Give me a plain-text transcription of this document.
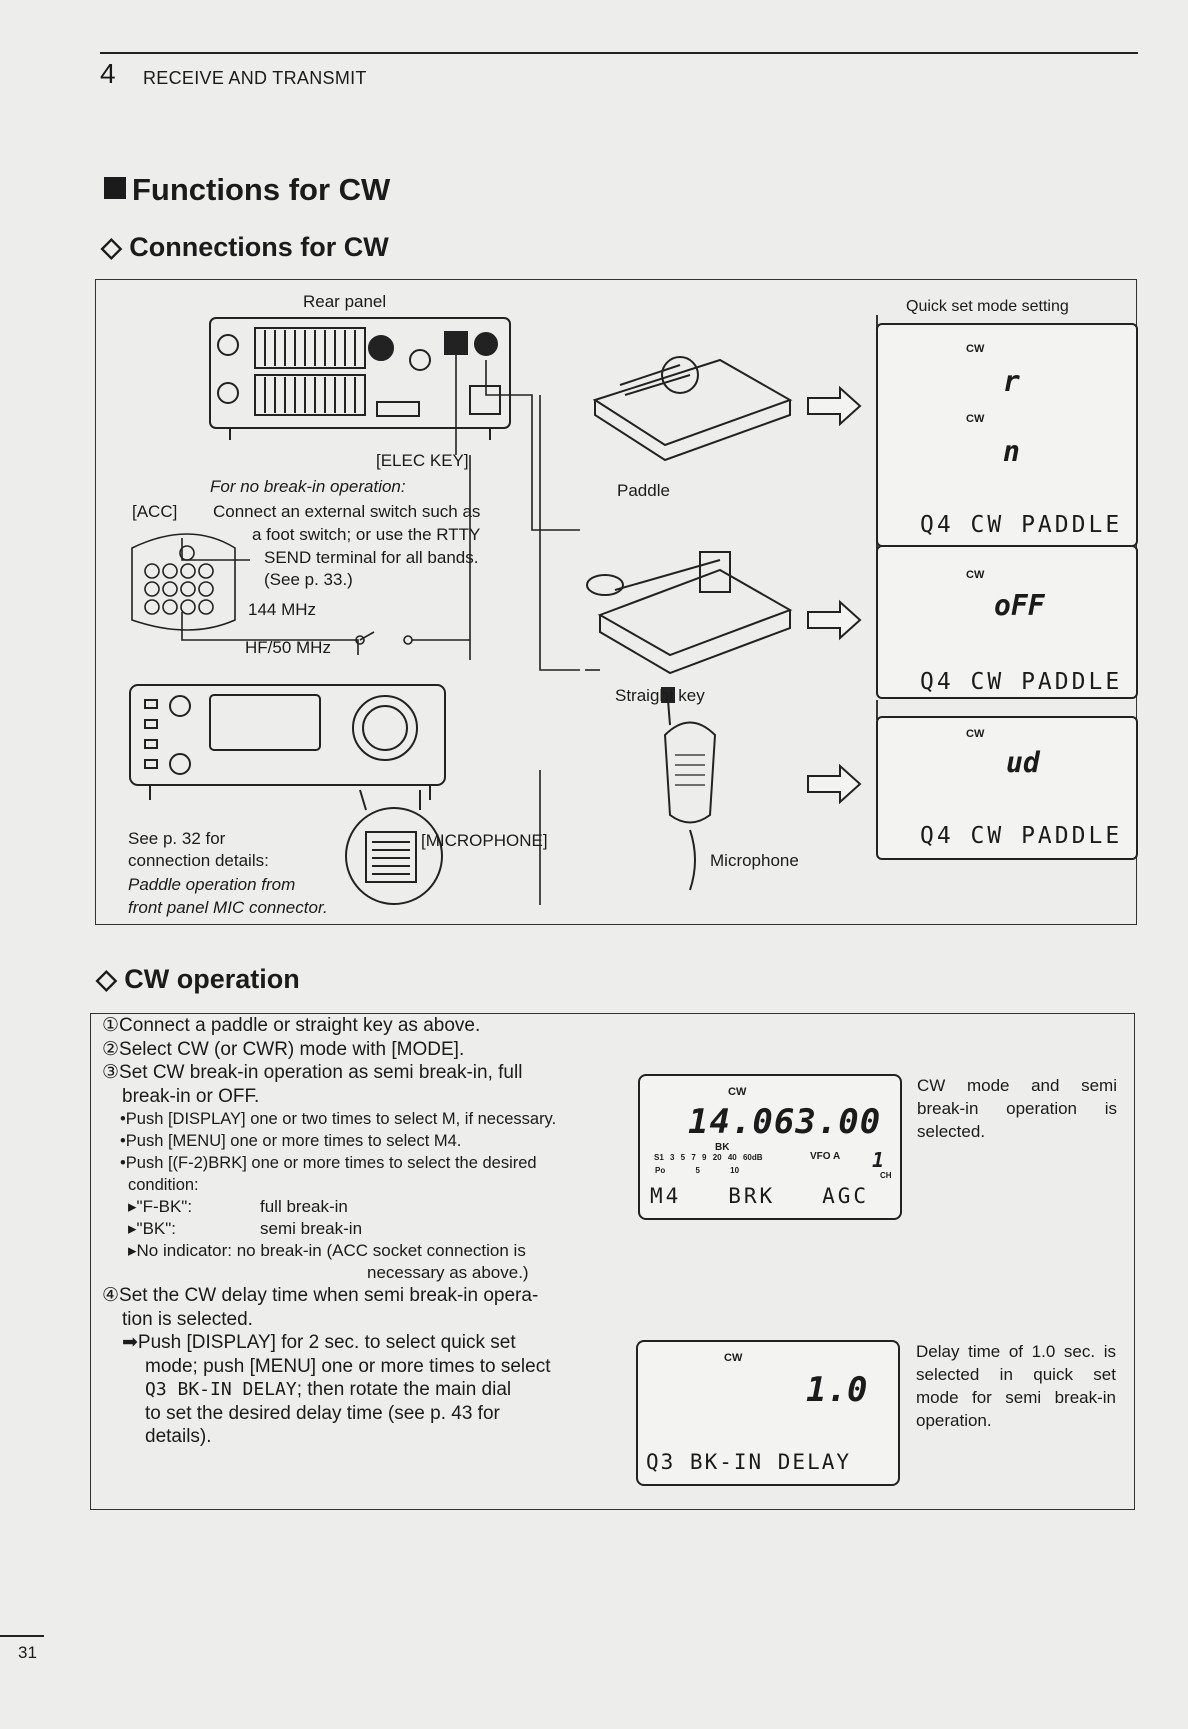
4 RECEIVE AND TRANSMIT
Functions for CW
◇ Connections for CW
Rear panel
[ELEC KEY]
For no break-in operation:
[ACC] Connect an external switch such as
a foot switch; or use the RTTY
SEND terminal for all bands.
(See p. 33.)
144 MHz
HF/50 MHz
See p. 32 for
connection details:
Paddle operation from
front panel MIC connector.
[MICROPHONE]
Paddle
Straight key
Microphone
Quick set mode setting
CW
r
CW
n
Q4 CW PADDLE
CW
oFF
Q4 CW PADDLE
CW
ud
Q4 CW PADDLE
◇ CW operation

①Connect a paddle or straight key as above.

②Select CW (or CWR) mode with [MODE].

③Set CW break-in operation as semi break-in, full

break-in or OFF.

•Push [DISPLAY] one or two times to select M, if necessary.

•Push [MENU] one or more times to select M4.

•Push [(F-2)BRK] one or more times to select the desired

condition:

▸"F-BK":	full break-in

▸"BK":	semi break-in

▸No indicator: no break-in (ACC socket connection is

necessary as above.)

④Set the CW delay time when semi break-in opera-

tion is selected.

➡Push [DISPLAY] for 2 sec. to select quick set

mode; push [MENU] one or more times to select

Q3 BK-IN DELAY; then rotate the main dial

to set the desired delay time (see p. 43 for

details).

CW
14.063.00
BK
S1 3 5 7 9 20 40 60dB
Po 5 10
VFO A 1
CH
M4   BRK   AGC
CW mode and semi break-in operation is selected.
CW
1.0
Q3 BK-IN DELAY
Delay time of 1.0 sec. is selected in quick set mode for semi break-in operation.
31
